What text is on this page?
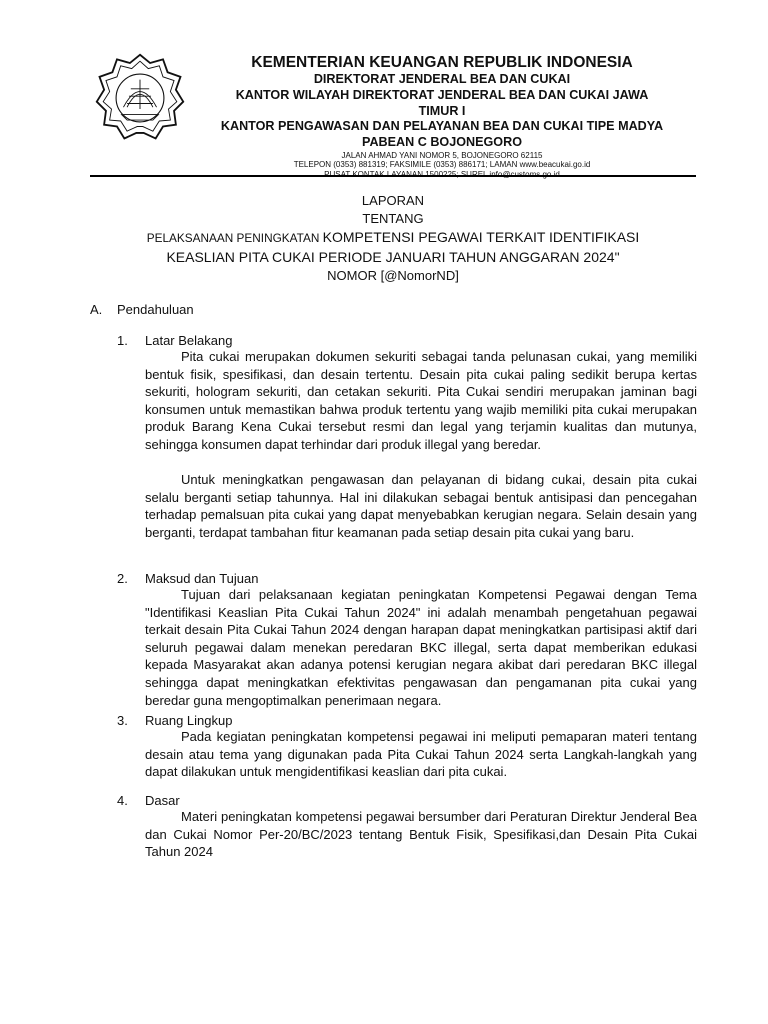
KEMENTERIAN KEUANGAN REPUBLIK INDONESIA
DIREKTORAT JENDERAL BEA DAN CUKAI
KANTOR WILAYAH DIREKTORAT JENDERAL BEA DAN CUKAI JAWA
TIMUR I
KANTOR PENGAWASAN DAN PELAYANAN BEA DAN CUKAI TIPE MADYA
PABEAN C BOJONEGORO
JALAN AHMAD YANI NOMOR 5, BOJONEGORO 62115
TELEPON (0353) 881319; FAKSIMILE (0353) 886171; LAMAN www.beacukai.go.id
LAPORAN
TENTANG
PELAKSANAAN PENINGKATAN KOMPETENSI PEGAWAI TERKAIT IDENTIFIKASI
KEASLIAN PITA CUKAI PERIODE JANUARI TAHUN ANGGARAN 2024"
NOMOR [@NomorND]
A. Pendahuluan
1. Latar Belakang
Pita cukai merupakan dokumen sekuriti sebagai tanda pelunasan cukai, yang memiliki bentuk fisik, spesifikasi, dan desain tertentu. Desain pita cukai paling sedikit berupa kertas sekuriti, hologram sekuriti, dan cetakan sekuriti. Pita Cukai sendiri merupakan jaminan bagi konsumen untuk memastikan bahwa produk tertentu yang wajib memiliki pita cukai merupakan produk Barang Kena Cukai tersebut resmi dan legal yang terjamin kualitas dan mutunya, sehingga konsumen dapat terhindar dari produk illegal yang beredar.
Untuk meningkatkan pengawasan dan pelayanan di bidang cukai, desain pita cukai selalu berganti setiap tahunnya. Hal ini dilakukan sebagai bentuk antisipasi dan pencegahan terhadap pemalsuan pita cukai yang dapat menyebabkan kerugian negara. Selain desain yang berganti, terdapat tambahan fitur keamanan pada setiap desain pita cukai yang baru.
2. Maksud dan Tujuan
Tujuan dari pelaksanaan kegiatan peningkatan Kompetensi Pegawai dengan Tema "Identifikasi Keaslian Pita Cukai Tahun 2024" ini adalah menambah pengetahuan pegawai terkait desain Pita Cukai Tahun 2024 dengan harapan dapat meningkatkan partisipasi aktif dari seluruh pegawai dalam menekan peredaran BKC illegal, serta dapat memberikan edukasi kepada Masyarakat akan adanya potensi kerugian negara akibat dari peredaran BKC illegal sehingga dapat meningkatkan efektivitas pengawasan dan pengamanan pita cukai yang beredar guna mengoptimalkan penerimaan negara.
3. Ruang Lingkup
Pada kegiatan peningkatan kompetensi pegawai ini meliputi pemaparan materi tentang desain atau tema yang digunakan pada Pita Cukai Tahun 2024 serta Langkah-langkah yang dapat dilakukan untuk mengidentifikasi keaslian dari pita cukai.
4. Dasar
Materi peningkatan kompetensi pegawai bersumber dari Peraturan Direktur Jenderal Bea dan Cukai Nomor Per-20/BC/2023 tentang Bentuk Fisik, Spesifikasi,dan Desain Pita Cukai Tahun 2024
